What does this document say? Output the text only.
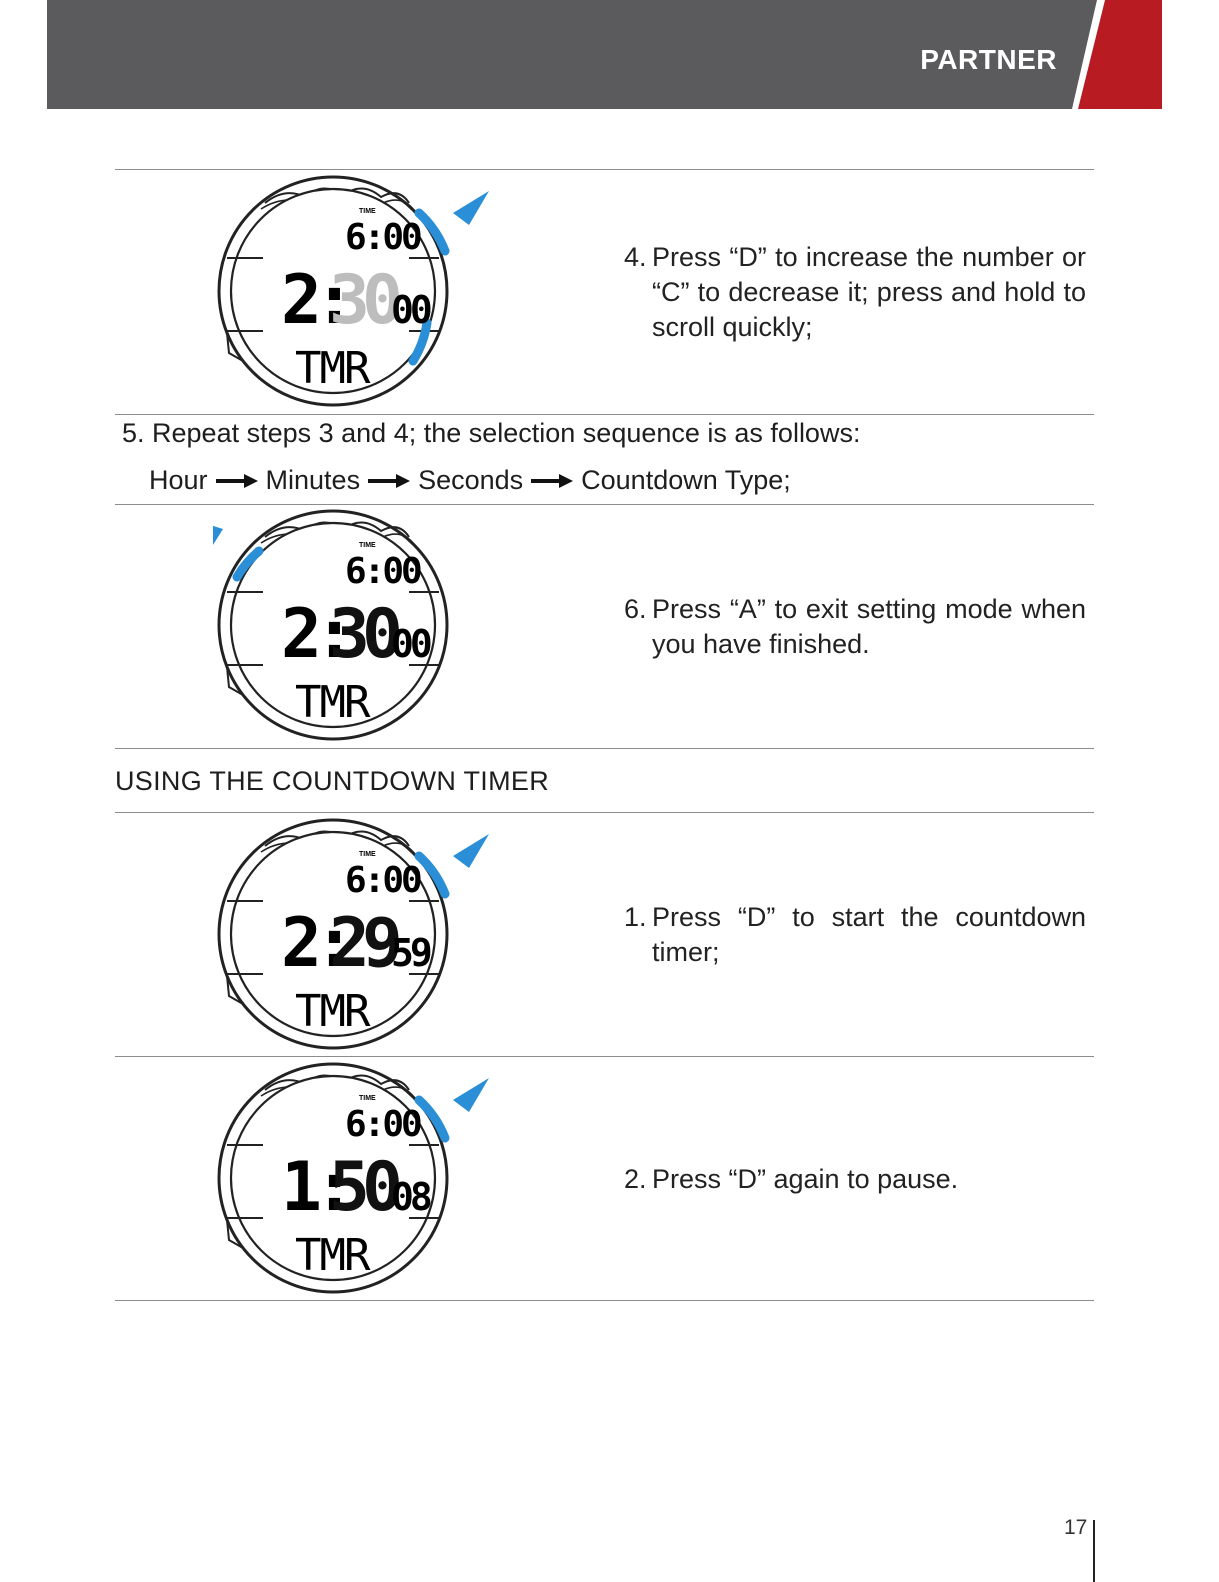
PARTNER
TIME
6:00
2:
30
00
TMR
TIME
6:00
2:
30
00
TMR
TIME
6:00
2:
29
59
TMR
TIME
6:00
1:
50
08
TMR
4. Press “D” to increase the number or “C” to decrease it; press and hold to scroll quickly;
5. Repeat steps 3 and 4; the selection sequence is as follows:
Hour Minutes Seconds Countdown Type;
6. Press “A” to exit setting mode when you have finished.
USING THE COUNTDOWN TIMER
1. Press “D” to start the countdown timer;
2. Press “D” again to pause.
17
